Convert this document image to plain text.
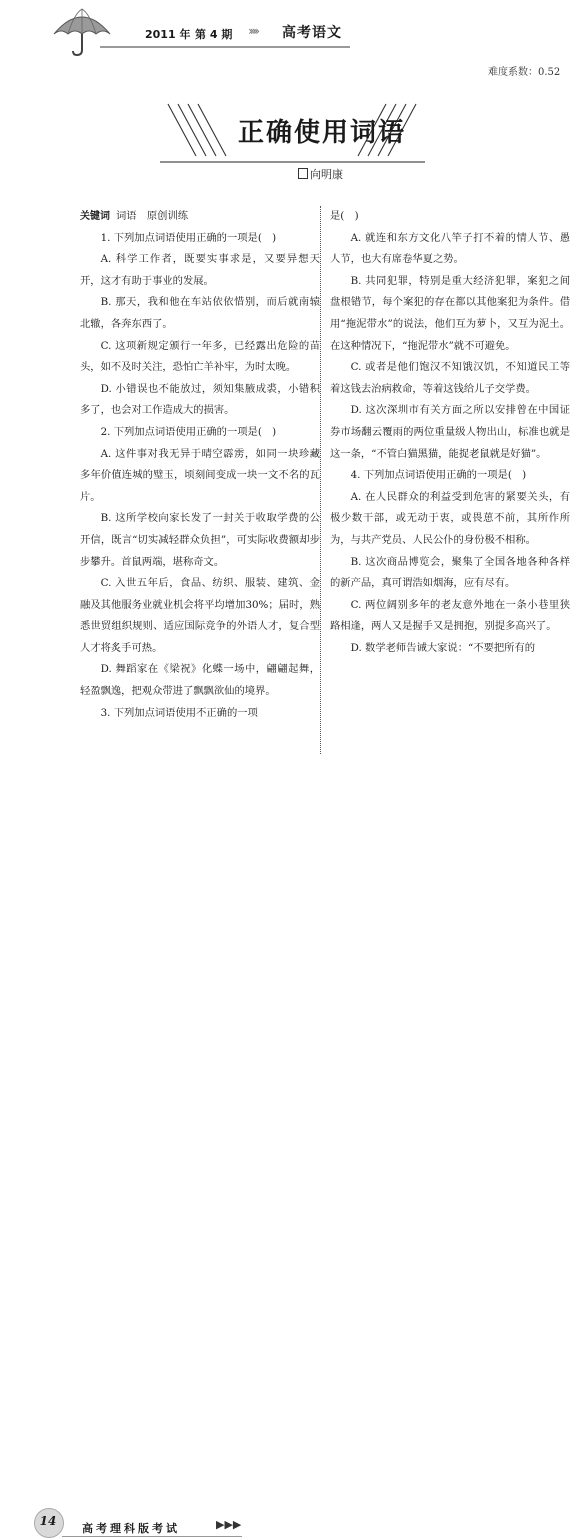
2011 年 第 4 期 ››››› 高考语文
难度系数：0.52
正确使用词语
向明康

关键词 词语　原创训练

1. 下列加点词语使用正确的一项是(　)

A. 科学工作者，既要实事求是，又要异想天开，这才有助于事业的发展。

B. 那天，我和他在车站依依惜别，而后就南辕北辙，各奔东西了。

C. 这项新规定颁行一年多，已经露出危险的苗头，如不及时关注，恐怕亡羊补牢，为时太晚。

D. 小错误也不能放过，须知集腋成裘，小错积多了，也会对工作造成大的损害。

2. 下列加点词语使用正确的一项是(　)

A. 这件事对我无异于晴空霹雳，如同一块珍藏多年价值连城的璧玉，顷刻间变成一块一文不名的瓦片。

B. 这所学校向家长发了一封关于收取学费的公开信，既言“切实减轻群众负担”，可实际收费额却步步攀升。首鼠两端，堪称奇文。

C. 入世五年后，食品、纺织、服装、建筑、金融及其他服务业就业机会将平均增加30%；届时，熟悉世贸组织规则、适应国际竞争的外语人才，复合型人才将炙手可热。

D. 舞蹈家在《梁祝》化蝶一场中，翩翩起舞，轻盈飘逸，把观众带进了飘飘欲仙的境界。

3. 下列加点词语使用不正确的一项

是(　)

A. 就连和东方文化八竿子打不着的情人节、愚人节，也大有席卷华夏之势。

B. 共同犯罪，特别是重大经济犯罪，案犯之间盘根错节，每个案犯的存在都以其他案犯为条件。借用“拖泥带水”的说法，他们互为萝卜，又互为泥土。在这种情况下，“拖泥带水”就不可避免。

C. 或者是他们饱汉不知饿汉饥，不知道民工等着这钱去治病救命，等着这钱给儿子交学费。

D. 这次深圳市有关方面之所以安排曾在中国证券市场翻云覆雨的两位重量级人物出山，标准也就是这一条，“不管白猫黑猫，能捉老鼠就是好猫”。

4. 下列加点词语使用正确的一项是(　)

A. 在人民群众的利益受到危害的紧要关头，有极少数干部，或无动于衷，或畏葸不前，其所作所为，与共产党员、人民公仆的身份极不相称。

B. 这次商品博览会，聚集了全国各地各种各样的新产品，真可谓浩如烟海，应有尽有。

C. 两位阔别多年的老友意外地在一条小巷里狭路相逢，两人又是握手又是拥抱，别提多高兴了。

D. 数学老师告诫大家说：“不要把所有的

14
高考理科版考试	▶▶▶
